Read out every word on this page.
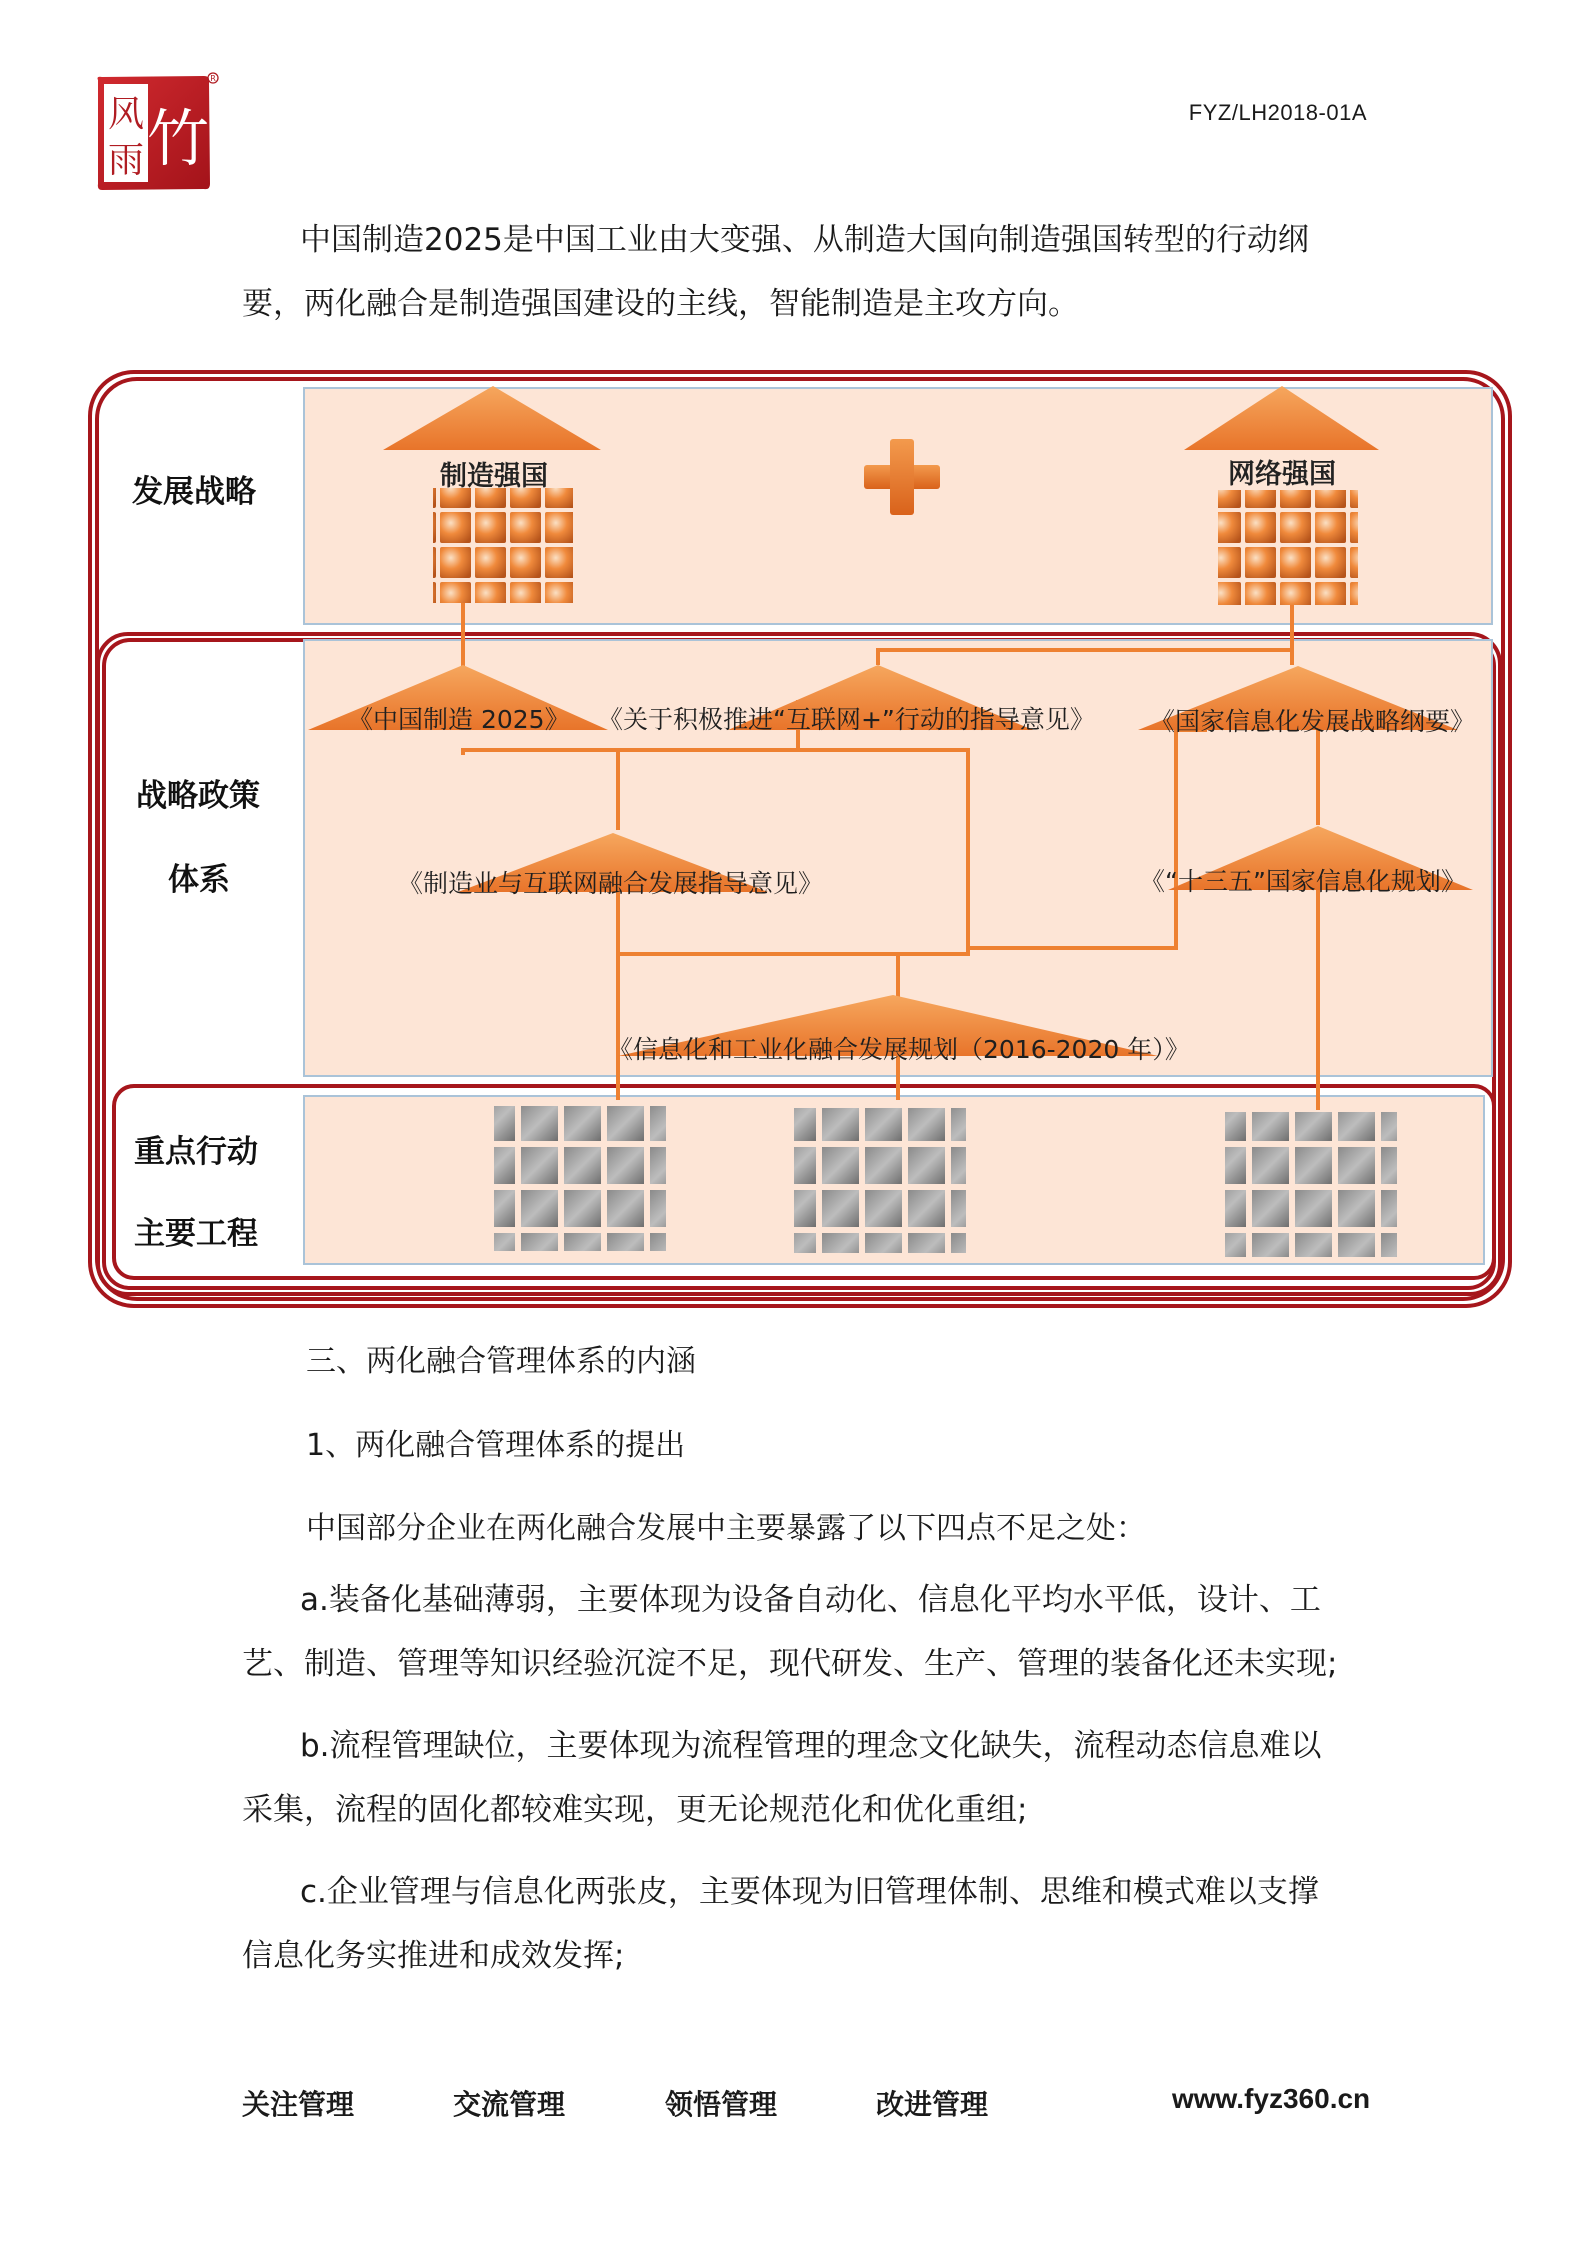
风
雨 竹
R
FYZ/LH2018-01A
中国制造2025是中国工业由大变强、从制造大国向制造强国转型的行动纲
要，两化融合是制造强国建设的主线，智能制造是主攻方向。
发展战略
战略政策
体系
重点行动
主要工程
制造强国	网络强国
《中国制造 2025》 《关于积极推进“互联网+”行动的指导意见》 《国家信息化发展战略纲要》
《制造业与互联网融合发展指导意见》	《“十三五”国家信息化规划》
《信息化和工业化融合发展规划（2016-2020 年）》
三、两化融合管理体系的内涵
1、两化融合管理体系的提出
中国部分企业在两化融合发展中主要暴露了以下四点不足之处：
a.装备化基础薄弱，主要体现为设备自动化、信息化平均水平低，设计、工
艺、制造、管理等知识经验沉淀不足，现代研发、生产、管理的装备化还未实现;
b.流程管理缺位，主要体现为流程管理的理念文化缺失，流程动态信息难以
采集，流程的固化都较难实现，更无论规范化和优化重组;
c.企业管理与信息化两张皮，主要体现为旧管理体制、思维和模式难以支撑
信息化务实推进和成效发挥;
关注管理	交流管理	领悟管理	改进管理	www.fyz360.cn
